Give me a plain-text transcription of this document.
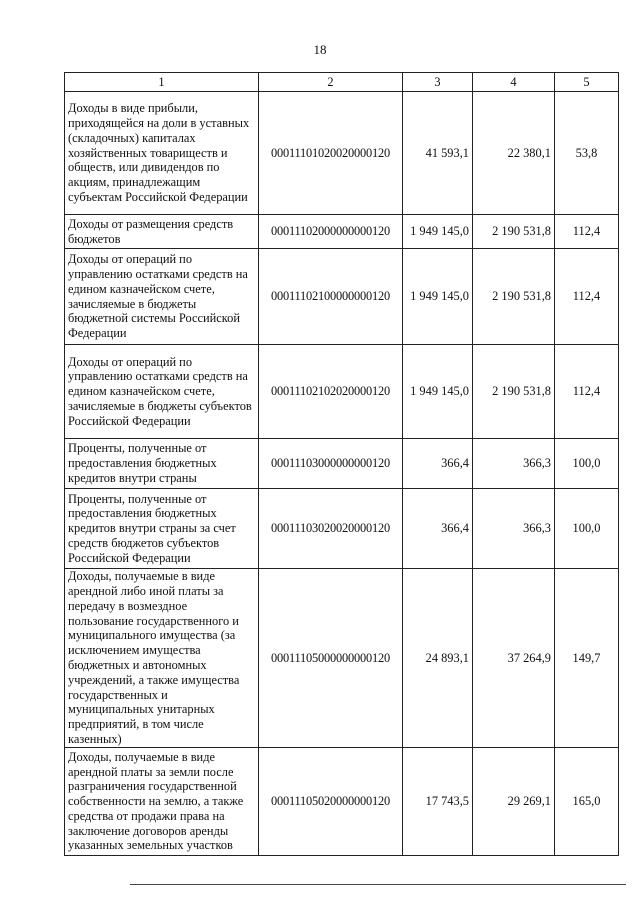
18
1	2	3	4	5
Доходы в виде прибыли, приходящейся на доли в уставных (складочных) капиталах хозяйственных товариществ и обществ, или дивидендов по акциям, принадлежащим субъектам Российской Федерации	00011101020020000120	41 593,1	22 380,1	53,8
Доходы от размещения средств бюджетов	00011102000000000120	1 949 145,0	2 190 531,8	112,4
Доходы от операций по управлению остатками средств на едином казначейском счете, зачисляемые в бюджеты бюджетной системы Российской Федерации	00011102100000000120	1 949 145,0	2 190 531,8	112,4
Доходы от операций по управлению остатками средств на едином казначейском счете, зачисляемые в бюджеты субъектов Российской Федерации	00011102102020000120	1 949 145,0	2 190 531,8	112,4
Проценты, полученные от предоставления бюджетных кредитов внутри страны	00011103000000000120	366,4	366,3	100,0
Проценты, полученные от предоставления бюджетных кредитов внутри страны за счет средств бюджетов субъектов Российской Федерации	00011103020020000120	366,4	366,3	100,0
Доходы, получаемые в виде арендной либо иной платы за передачу в возмездное пользование государственного и муниципального имущества (за исключением имущества бюджетных и автономных учреждений, а также имущества государственных и муниципальных унитарных предприятий, в том числе казенных)	00011105000000000120	24 893,1	37 264,9	149,7
Доходы, получаемые в виде арендной платы за земли после разграничения государственной собственности на землю, а также средства от продажи права на заключение договоров аренды указанных земельных участков	00011105020000000120	17 743,5	29 269,1	165,0
